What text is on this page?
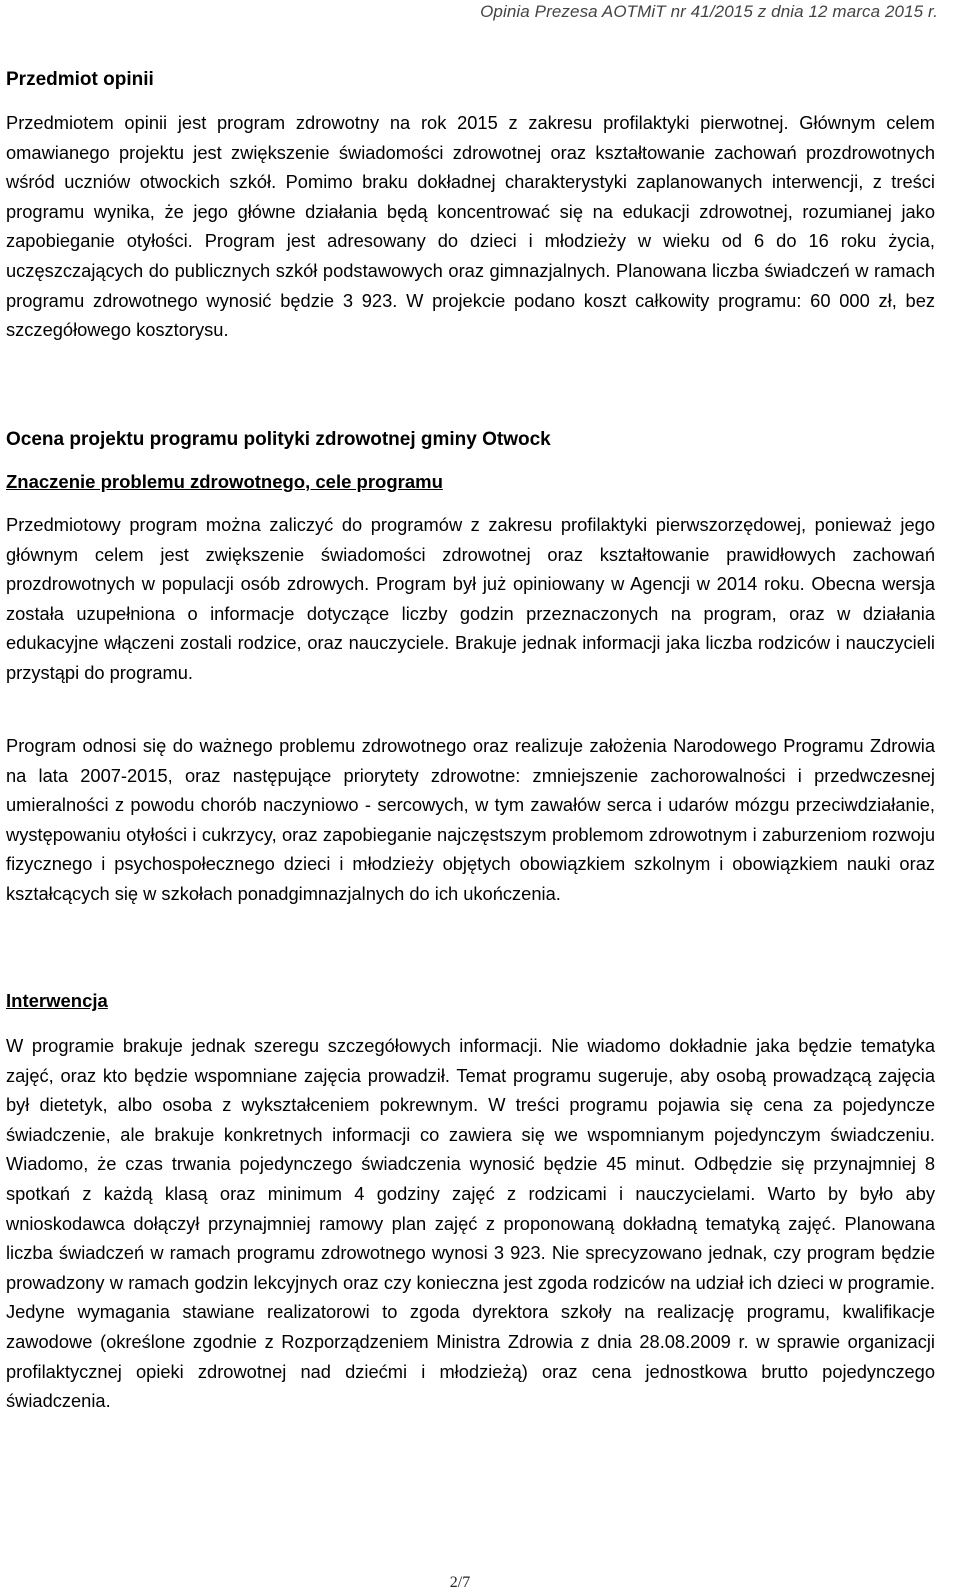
Opinia Prezesa AOTMiT nr 41/2015 z dnia 12 marca 2015 r.
Przedmiot opinii

Przedmiotem opinii jest program zdrowotny na rok 2015 z zakresu profilaktyki pierwotnej. Głównym celem omawianego projektu jest zwiększenie świadomości zdrowotnej oraz kształtowanie zachowań prozdrowotnych wśród uczniów otwockich szkół. Pomimo braku dokładnej charakterystyki zaplanowanych interwencji, z treści programu wynika, że jego główne działania będą koncentrować się na edukacji zdrowotnej, rozumianej jako zapobieganie otyłości. Program jest adresowany do dzieci i młodzieży w wieku od 6 do 16 roku życia, uczęszczających do publicznych szkół podstawowych oraz gimnazjalnych. Planowana liczba świadczeń w ramach programu zdrowotnego wynosić będzie 3 923. W projekcie podano koszt całkowity programu: 60 000 zł, bez szczegółowego kosztorysu.

Ocena projektu programu polityki zdrowotnej gminy Otwock
Znaczenie problemu zdrowotnego, cele programu

Przedmiotowy program można zaliczyć do programów z zakresu profilaktyki pierwszorzędowej, ponieważ jego głównym celem jest zwiększenie świadomości zdrowotnej oraz kształtowanie prawidłowych zachowań prozdrowotnych w populacji osób zdrowych. Program był już opiniowany w Agencji w 2014 roku. Obecna wersja została uzupełniona o informacje dotyczące liczby godzin przeznaczonych na program, oraz w działania edukacyjne włączeni zostali rodzice, oraz nauczyciele. Brakuje jednak informacji jaka liczba rodziców i nauczycieli przystąpi do programu.

Program odnosi się do ważnego problemu zdrowotnego oraz realizuje założenia Narodowego Programu Zdrowia na lata 2007-2015, oraz następujące priorytety zdrowotne: zmniejszenie zachorowalności i przedwczesnej umieralności z powodu chorób naczyniowo - sercowych, w tym zawałów serca i udarów mózgu przeciwdziałanie, występowaniu otyłości i cukrzycy, oraz zapobieganie najczęstszym problemom zdrowotnym i zaburzeniom rozwoju fizycznego i psychospołecznego dzieci i młodzieży objętych obowiązkiem szkolnym i obowiązkiem nauki oraz kształcących się w szkołach ponadgimnazjalnych do ich ukończenia.

Interwencja

W programie brakuje jednak szeregu szczegółowych informacji. Nie wiadomo dokładnie jaka będzie tematyka zajęć, oraz kto będzie wspomniane zajęcia prowadził. Temat programu sugeruje, aby osobą prowadzącą zajęcia był dietetyk, albo osoba z wykształceniem pokrewnym. W treści programu pojawia się cena za pojedyncze świadczenie, ale brakuje konkretnych informacji co zawiera się we wspomnianym pojedynczym świadczeniu. Wiadomo, że czas trwania pojedynczego świadczenia wynosić będzie 45 minut. Odbędzie się przynajmniej 8 spotkań z każdą klasą oraz minimum 4 godziny zajęć z rodzicami i nauczycielami. Warto by było aby wnioskodawca dołączył przynajmniej ramowy plan zajęć z proponowaną dokładną tematyką zajęć. Planowana liczba świadczeń w ramach programu zdrowotnego wynosi 3 923. Nie sprecyzowano jednak, czy program będzie prowadzony w ramach godzin lekcyjnych oraz czy konieczna jest zgoda rodziców na udział ich dzieci w programie. Jedyne wymagania stawiane realizatorowi to zgoda dyrektora szkoły na realizację programu, kwalifikacje zawodowe (określone zgodnie z Rozporządzeniem Ministra Zdrowia z dnia 28.08.2009 r. w sprawie organizacji profilaktycznej opieki zdrowotnej nad dziećmi i młodzieżą) oraz cena jednostkowa brutto pojedynczego świadczenia.

2/7
